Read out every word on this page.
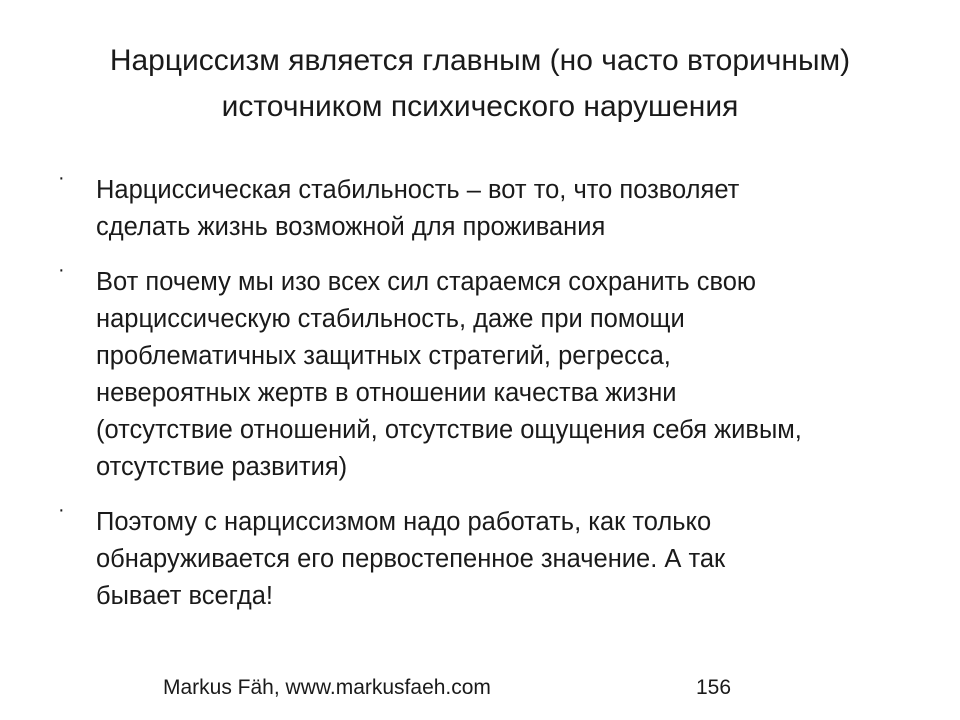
Нарциссизм является главным (но часто вторичным)
источником психического нарушения
· Нарциссическая стабильность – вот то, что позволяет
сделать жизнь возможной для проживания
· Вот почему мы изо всех сил стараемся сохранить свою
нарциссическую стабильность, даже при помощи
проблематичных защитных стратегий, регресса,
невероятных жертв в отношении качества жизни
(отсутствие отношений, отсутствие ощущения себя живым,
отсутствие развития)
· Поэтому с нарциссизмом надо работать, как только
обнаруживается его первостепенное значение. А так
бывает всегда!
Markus Fäh, www.markusfaeh.com	156
